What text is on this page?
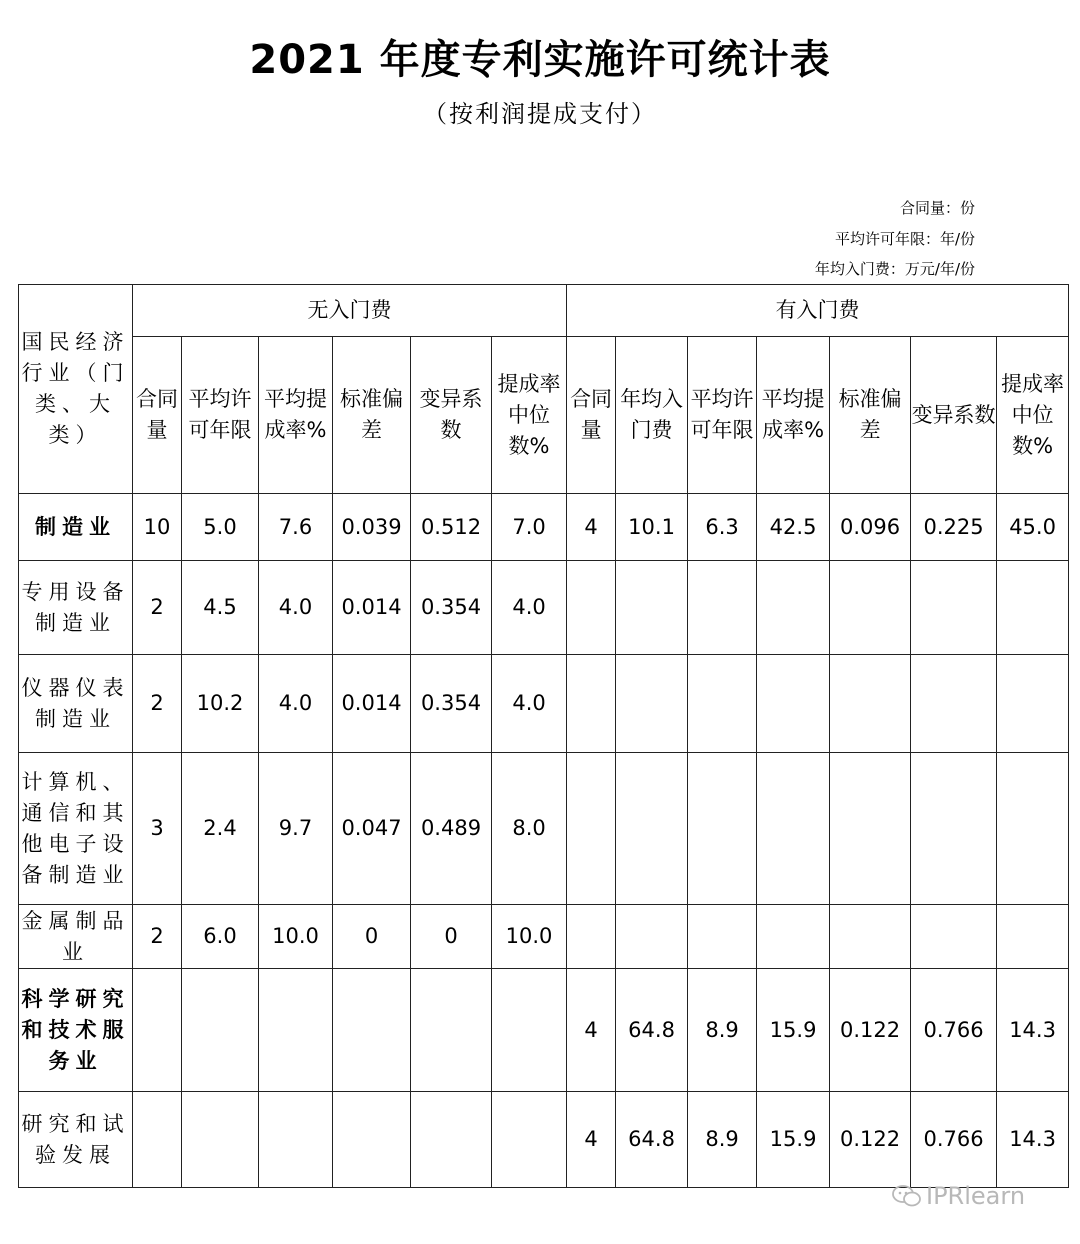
2021 年度专利实施许可统计表
（按利润提成支付）
合同量：份
平均许可年限：年/份
年均入门费：万元/年/份
国民经济行业（门类、大类）	无入门费						有入门费						
	合同量	平均许可年限	平均提成率%	标准偏差	变异系数	提成率中位数%	合同量	年均入门费	平均许可年限	平均提成率%	标准偏差	变异系数	提成率中位数%
制造业	10	5.0	7.6	0.039	0.512	7.0	4	10.1	6.3	42.5	0.096	0.225	45.0
专用设备制造业	2	4.5	4.0	0.014	0.354	4.0							
仪器仪表制造业	2	10.2	4.0	0.014	0.354	4.0							
计算机、通信和其他电子设备制造业	3	2.4	9.7	0.047	0.489	8.0							
金属制品业	2	6.0	10.0	0	0	10.0							
科学研究和技术服务业							4	64.8	8.9	15.9	0.122	0.766	14.3
研究和试验发展							4	64.8	8.9	15.9	0.122	0.766	14.3
IPRlearn
